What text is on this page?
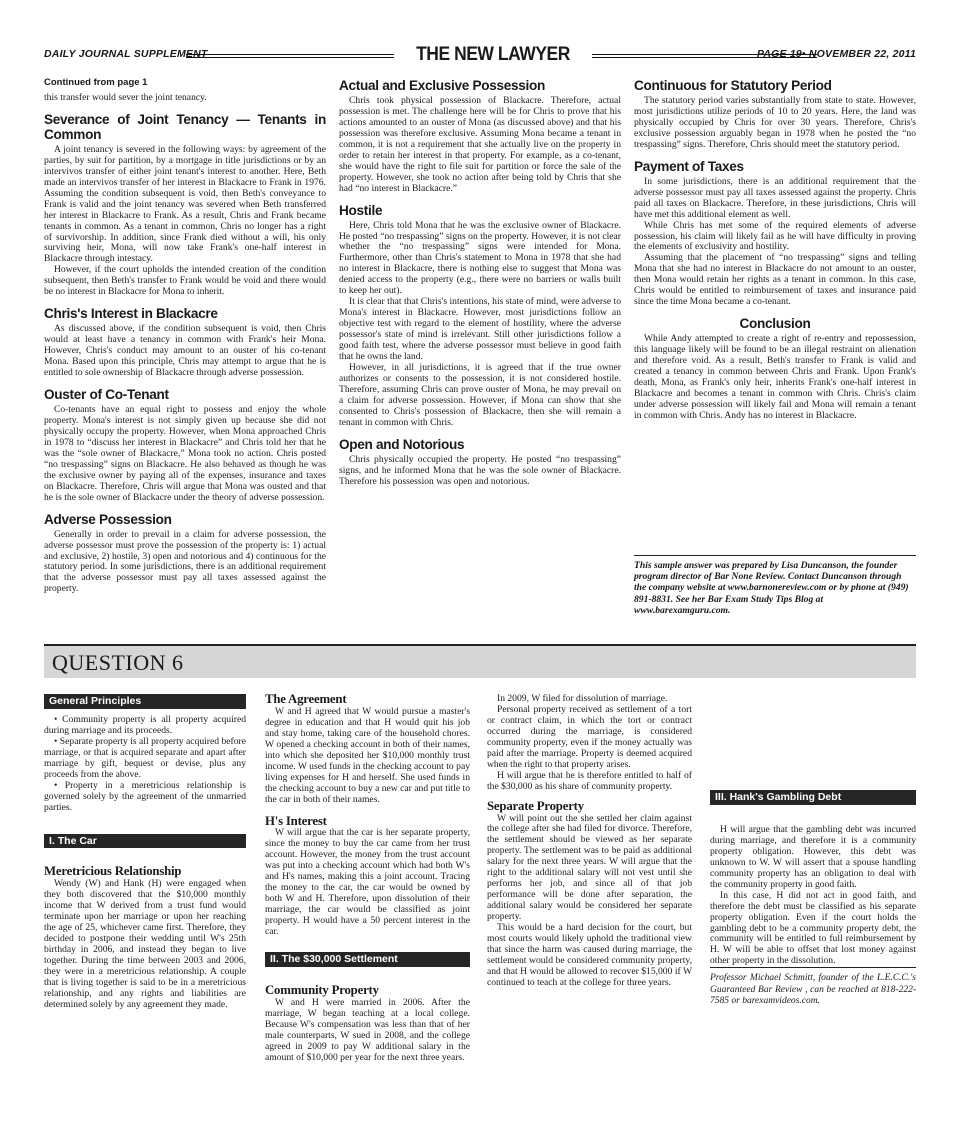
DAILY JOURNAL SUPPLEMENT	THE NEW LAWYER	PAGE 19• NOVEMBER 22, 2011
Continued from page 1

this transfer would sever the joint tenancy.

Severance of Joint Tenancy — Tenants in Common

A joint tenancy is severed in the following ways: by agreement of the parties, by suit for partition, by a mortgage in title jurisdictions or by an intervivos transfer of either joint tenant's interest to another. Here, Beth made an intervivos transfer of her interest in Blackacre to Frank in 1976. Assuming the condition subsequent is void, then Beth's conveyance to Frank is valid and the joint tenancy was severed when Beth transferred her interest in Blackacre to Frank. As a result, Chris and Frank became tenants in common. As a tenant in common, Chris no longer has a right of survivorship. In addition, since Frank died without a will, his only surviving heir, Mona, will now take Frank's one-half interest in Blackacre through intestacy.

However, if the court upholds the intended creation of the condition subsequent, then Beth's transfer to Frank would be void and there would be no interest in Blackacre for Mona to inherit.

Chris's Interest in Blackacre

As discussed above, if the condition subsequent is void, then Chris would at least have a tenancy in common with Frank's heir Mona. However, Chris's conduct may amount to an ouster of his co-tenant Mona. Based upon this principle, Chris may attempt to argue that he is entitled to sole ownership of Blackacre through adverse possession.

Ouster of Co-Tenant

Co-tenants have an equal right to possess and enjoy the whole property. Mona's interest is not simply given up because she did not physically occupy the property. However, when Mona approached Chris in 1978 to “discuss her interest in Blackacre” and Chris told her that he was the “sole owner of Blackacre,” Mona took no action. Chris posted “no trespassing” signs on Blackacre. He also behaved as though he was the exclusive owner by paying all of the expenses, insurance and taxes on Blackacre. Therefore, Chris will argue that Mona was ousted and that he is the sole owner of Blackacre under the theory of adverse possession.

Adverse Possession

Generally in order to prevail in a claim for adverse possession, the adverse possessor must prove the possession of the property is: 1) actual and exclusive, 2) hostile, 3) open and notorious and 4) continuous for the statutory period. In some jurisdictions, there is an additional requirement that the adverse possessor must pay all taxes assessed against the property.

Actual and Exclusive Possession

Chris took physical possession of Blackacre. Therefore, actual possession is met. The challenge here will be for Chris to prove that his actions amounted to an ouster of Mona (as discussed above) and that his possession was therefore exclusive. Assuming Mona became a tenant in common, it is not a requirement that she actually live on the property in order to retain her interest in that property. For example, as a co-tenant, she would have the right to file suit for partition or force the sale of the property. However, she took no action after being told by Chris that she had “no interest in Blackacre.”

Hostile

Here, Chris told Mona that he was the exclusive owner of Blackacre. He posted “no trespassing” signs on the property. However, it is not clear whether the “no trespassing” signs were intended for Mona. Furthermore, other than Chris's statement to Mona in 1978 that she had no interest in Blackacre, there is nothing else to suggest that Mona was denied access to the property (e.g., there were no barriers or walls built to keep her out).

It is clear that that Chris's intentions, his state of mind, were adverse to Mona's interest in Blackacre. However, most jurisdictions follow an objective test with regard to the element of hostility, where the adverse possessor's state of mind is irrelevant. Still other jurisdictions follow a good faith test, where the adverse possessor must believe in good faith that he owns the land.

However, in all jurisdictions, it is agreed that if the true owner authorizes or consents to the possession, it is not considered hostile. Therefore, assuming Chris can prove ouster of Mona, he may prevail on a claim for adverse possession. However, if Mona can show that she consented to Chris's possession of Blackacre, then she will remain a tenant in common with Chris.

Open and Notorious

Chris physically occupied the property. He posted “no trespassing” signs, and he informed Mona that he was the sole owner of Blackacre. Therefore his possession was open and notorious.

Continuous for Statutory Period

The statutory period varies substantially from state to state. However, most jurisdictions utilize periods of 10 to 20 years. Here, the land was physically occupied by Chris for over 30 years. Therefore, Chris's exclusive possession arguably began in 1978 when he posted the “no trespassing” signs. Therefore, Chris should meet the statutory period.

Payment of Taxes

In some jurisdictions, there is an additional requirement that the adverse possessor must pay all taxes assessed against the property. Chris paid all taxes on Blackacre. Therefore, in these jurisdictions, Chris will have met this additional element as well.

While Chris has met some of the required elements of adverse possession, his claim will likely fail as he will have difficulty in proving the elements of exclusivity and hostility.

Assuming that the placement of “no trespassing” signs and telling Mona that she had no interest in Blackacre do not amount to an ouster, then Mona would retain her rights as a tenant in common. In this case, Chris would be entitled to reimbursement of taxes and insurance paid since the time Mona became a co-tenant.

Conclusion

While Andy attempted to create a right of re-entry and repossession, this language likely will be found to be an illegal restraint on alienation and therefore void. As a result, Beth's transfer to Frank is valid and created a tenancy in common between Chris and Frank. Upon Frank's death, Mona, as Frank's only heir, inherits Frank's one-half interest in Blackacre and becomes a tenant in common with Chris. Chris's claim under adverse possession will likely fail and Mona will remain a tenant in common with Chris. Andy has no interest in Blackacre.

This sample answer was prepared by Lisa Duncanson, the founder program director of Bar None Review. Contact Duncanson through the company website at www.barnonereview.com or by phone at (949) 891-8831. See her Bar Exam Study Tips Blog at www.barexamguru.com.
QUESTION 6
General Principles

• Community property is all property acquired during marriage and its proceeds.

• Separate property is all property acquired before marriage, or that is acquired separate and apart after marriage by gift, bequest or devise, plus any proceeds from the above.

• Property in a meretricious relationship is governed solely by the agreement of the unmarried parties.

I. The Car
Meretricious Relationship

Wendy (W) and Hank (H) were engaged when they both discovered that the $10,000 monthly income that W derived from a trust fund would terminate upon her marriage or upon her reaching the age of 25, whichever came first. Therefore, they decided to postpone their wedding until W's 25th birthday in 2006, and instead they began to live together. During the time between 2003 and 2006, they were in a meretricious relationship. A couple that is living together is said to be in a meretricious relationship, and any rights and liabilities are determined solely by any agreement they made.

The Agreement

W and H agreed that W would pursue a master's degree in education and that H would quit his job and stay home, taking care of the household chores. W opened a checking account in both of their names, into which she deposited her $10,000 monthly trust income. W used funds in the checking account to pay living expenses for H and herself. She used funds in the checking account to buy a new car and put title to the car in both of their names.

H's Interest

W will argue that the car is her separate property, since the money to buy the car came from her trust account. However, the money from the trust account was put into a checking account which had both W's and H's names, making this a joint account. Tracing the money to the car, the car would be owned by both W and H. Therefore, upon dissolution of their marriage, the car would be classified as joint property. H would have a 50 percent interest in the car.

II. The $30,000 Settlement
Community Property

W and H were married in 2006. After the marriage, W began teaching at a local college. Because W's compensation was less than that of her male counterparts, W sued in 2008, and the college agreed in 2009 to pay W additional salary in the amount of $10,000 per year for the next three years.

In 2009, W filed for dissolution of marriage.

Personal property received as settlement of a tort or contract claim, in which the tort or contract occurred during the marriage, is considered community property, even if the money actually was paid after the marriage. Property is deemed acquired when the right to that property arises.

H will argue that he is therefore entitled to half of the $30,000 as his share of community property.

Separate Property

W will point out the she settled her claim against the college after she had filed for divorce. Therefore, the settlement should be viewed as her separate property. The settlement was to be paid as additional salary for the next three years. W will argue that the right to the additional salary will not vest until she performs her job, and since all of that job performance will be done after separation, the additional salary would be considered her separate property.

This would be a hard decision for the court, but most courts would likely uphold the traditional view that since the harm was caused during marriage, the settlement would be considered community property, and that H would be allowed to recover $15,000 if W continued to teach at the college for three years.

III. Hank's Gambling Debt

H will argue that the gambling debt was incurred during marriage, and therefore it is a community property obligation. However, this debt was unknown to W. W will assert that a spouse handling community property has an obligation to deal with the community property in good faith.

In this case, H did not act in good faith, and therefore the debt must be classified as his separate property obligation. Even if the court holds the gambling debt to be a community property debt, the community will be entitled to full reimbursement by H. W will be able to offset that lost money against other property in the dissolution.

Professor Michael Schmitt, founder of the L.E.C.C.'s Guaranteed Bar Review , can be reached at 818-222-7585 or barexamvideos.com.
